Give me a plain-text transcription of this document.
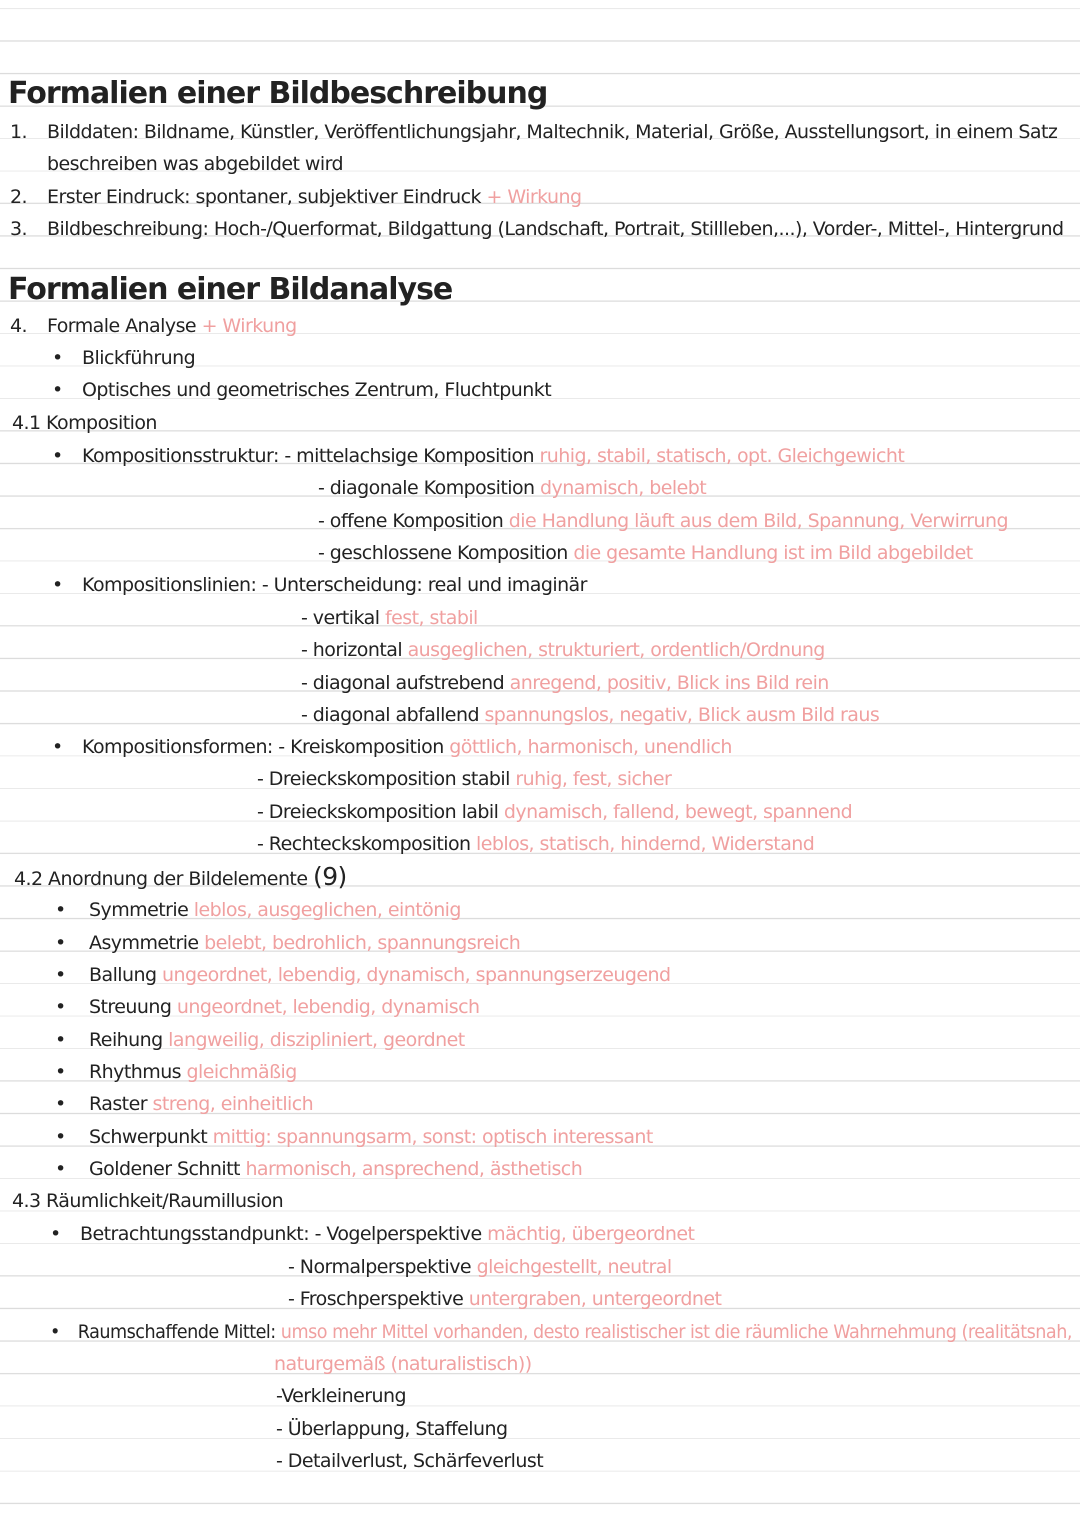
Formalien einer Bildbeschreibung
1. Bilddaten: Bildname, Künstler, Veröffentlichungsjahr, Maltechnik, Material, Größe, Ausstellungsort, in einem Satz
beschreiben was abgebildet wird
2. Erster Eindruck: spontaner, subjektiver Eindruck + Wirkung
3. Bildbeschreibung: Hoch-/Querformat, Bildgattung (Landschaft, Portrait, Stillleben,...), Vorder-, Mittel-, Hintergrund
Formalien einer Bildanalyse
4. Formale Analyse + Wirkung
• Blickführung
• Optisches und geometrisches Zentrum, Fluchtpunkt
4.1 Komposition
• Kompositionsstruktur: - mittelachsige Komposition ruhig, stabil, statisch, opt. Gleichgewicht
- diagonale Komposition dynamisch, belebt
- offene Komposition die Handlung läuft aus dem Bild, Spannung, Verwirrung
- geschlossene Komposition die gesamte Handlung ist im Bild abgebildet
• Kompositionslinien: - Unterscheidung: real und imaginär
- vertikal fest, stabil
- horizontal ausgeglichen, strukturiert, ordentlich/Ordnung
- diagonal aufstrebend anregend, positiv, Blick ins Bild rein
- diagonal abfallend spannungslos, negativ, Blick ausm Bild raus
• Kompositionsformen: - Kreiskomposition göttlich, harmonisch, unendlich
- Dreieckskomposition stabil ruhig, fest, sicher
- Dreieckskomposition labil dynamisch, fallend, bewegt, spannend
- Rechteckskomposition leblos, statisch, hindernd, Widerstand
4.2 Anordnung der Bildelemente (9)
• Symmetrie leblos, ausgeglichen, eintönig
• Asymmetrie belebt, bedrohlich, spannungsreich
• Ballung ungeordnet, lebendig, dynamisch, spannungserzeugend
• Streuung ungeordnet, lebendig, dynamisch
• Reihung langweilig, diszipliniert, geordnet
• Rhythmus gleichmäßig
• Raster streng, einheitlich
• Schwerpunkt mittig: spannungsarm, sonst: optisch interessant
• Goldener Schnitt harmonisch, ansprechend, ästhetisch
4.3 Räumlichkeit/Raumillusion
• Betrachtungsstandpunkt: - Vogelperspektive mächtig, übergeordnet
- Normalperspektive gleichgestellt, neutral
- Froschperspektive untergraben, untergeordnet
• Raumschaffende Mittel: umso mehr Mittel vorhanden, desto realistischer ist die räumliche Wahrnehmung (realitätsnah,
naturgemäß (naturalistisch))
-Verkleinerung
- Überlappung, Staffelung
- Detailverlust, Schärfeverlust
